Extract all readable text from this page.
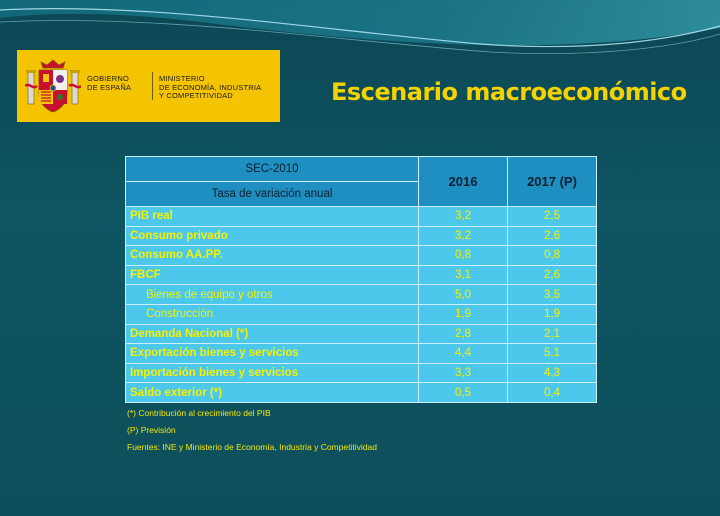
GOBIERNO
DE ESPAÑA
MINISTERIO
DE ECONOMÍA, INDUSTRIA
Y COMPETITIVIDAD	Escenario macroeconómico
SEC-2010	2016	2017 (P)
Tasa de variación anual		
PIB real	3,2	2,5
Consumo privado	3,2	2,6
Consumo AA.PP.	0,8	0,8
FBCF	3,1	2,6
Bienes de equipo y otros	5,0	3,5
Construcción	1,9	1,9
Demanda Nacional (*)	2,8	2,1
Exportación bienes y servicios	4,4	5,1
Importación bienes y servicios	3,3	4,3
Saldo exterior (*)	0,5	0,4
(*) Contribución al crecimiento del PIB
(P) Previsión
Fuentes: INE y Ministerio de Economía, Industria y Competitividad
